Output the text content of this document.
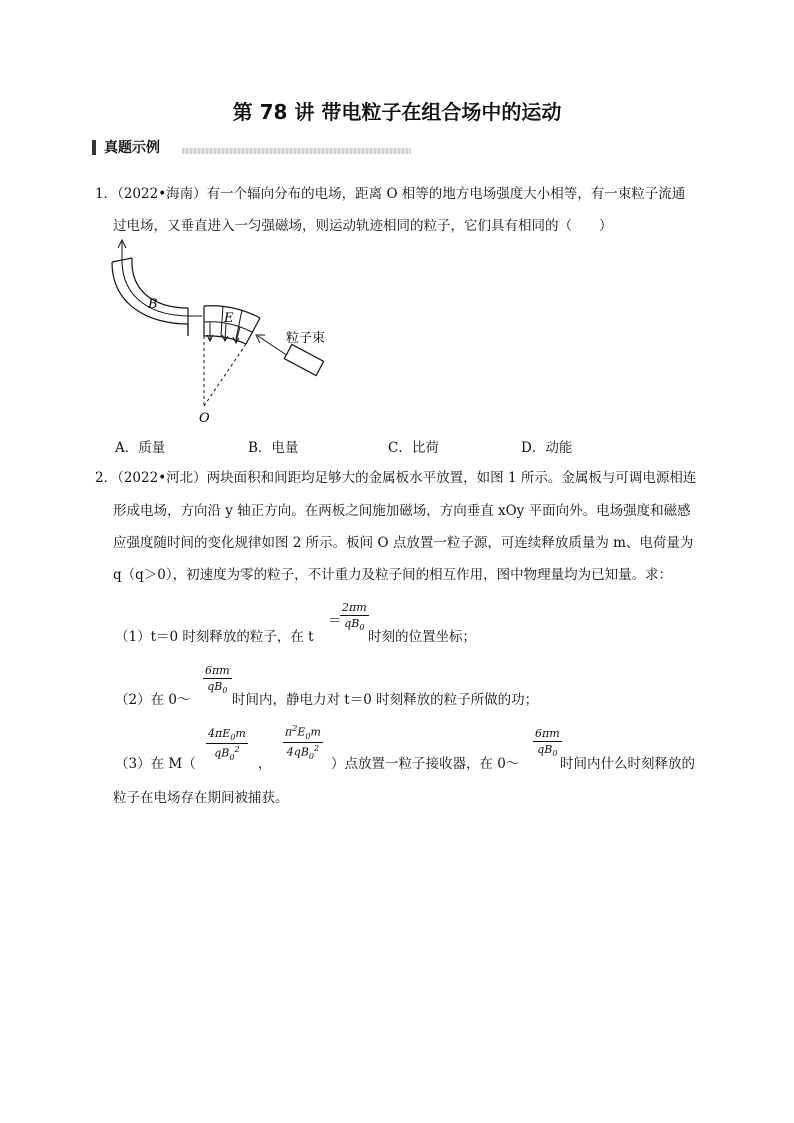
第 78 讲 带电粒子在组合场中的运动
真题示例
1．（2022•海南）有一个辐向分布的电场，距离 O 相等的地方电场强度大小相等，有一束粒子流通
过电场，又垂直进入一匀强磁场，则运动轨迹相同的粒子，它们具有相同的（　　）
B
E
O
粒子束
A．质量	B．电量	C．比荷	D．动能
2．（2022•河北）两块面积和间距均足够大的金属板水平放置，如图 1 所示。金属板与可调电源相连
形成电场，方向沿 y 轴正方向。在两板之间施加磁场，方向垂直 xOy 平面向外。电场强度和磁感
应强度随时间的变化规律如图 2 所示。板间 O 点放置一粒子源，可连续释放质量为 m、电荷量为
q（q＞0），初速度为零的粒子，不计重力及粒子间的相互作用，图中物理量均为已知量。求：
（1）t＝0 时刻释放的粒子，在 t
＝
$\frac{2\pi m}{qB_0}$
时刻的位置坐标；
（2）在 0～
$\frac{6\pi m}{qB_0}$
时间内，静电力对 t＝0 时刻释放的粒子所做的功；
（3）在 M（
$\frac{4\pi E_0m}{qB_0^2}$
，
$\frac{\pi^2E_0m}{4qB_0^2}$
）点放置一粒子接收器，在 0～
$\frac{6\pi m}{qB_0}$
时间内什么时刻释放的
粒子在电场存在期间被捕获。
